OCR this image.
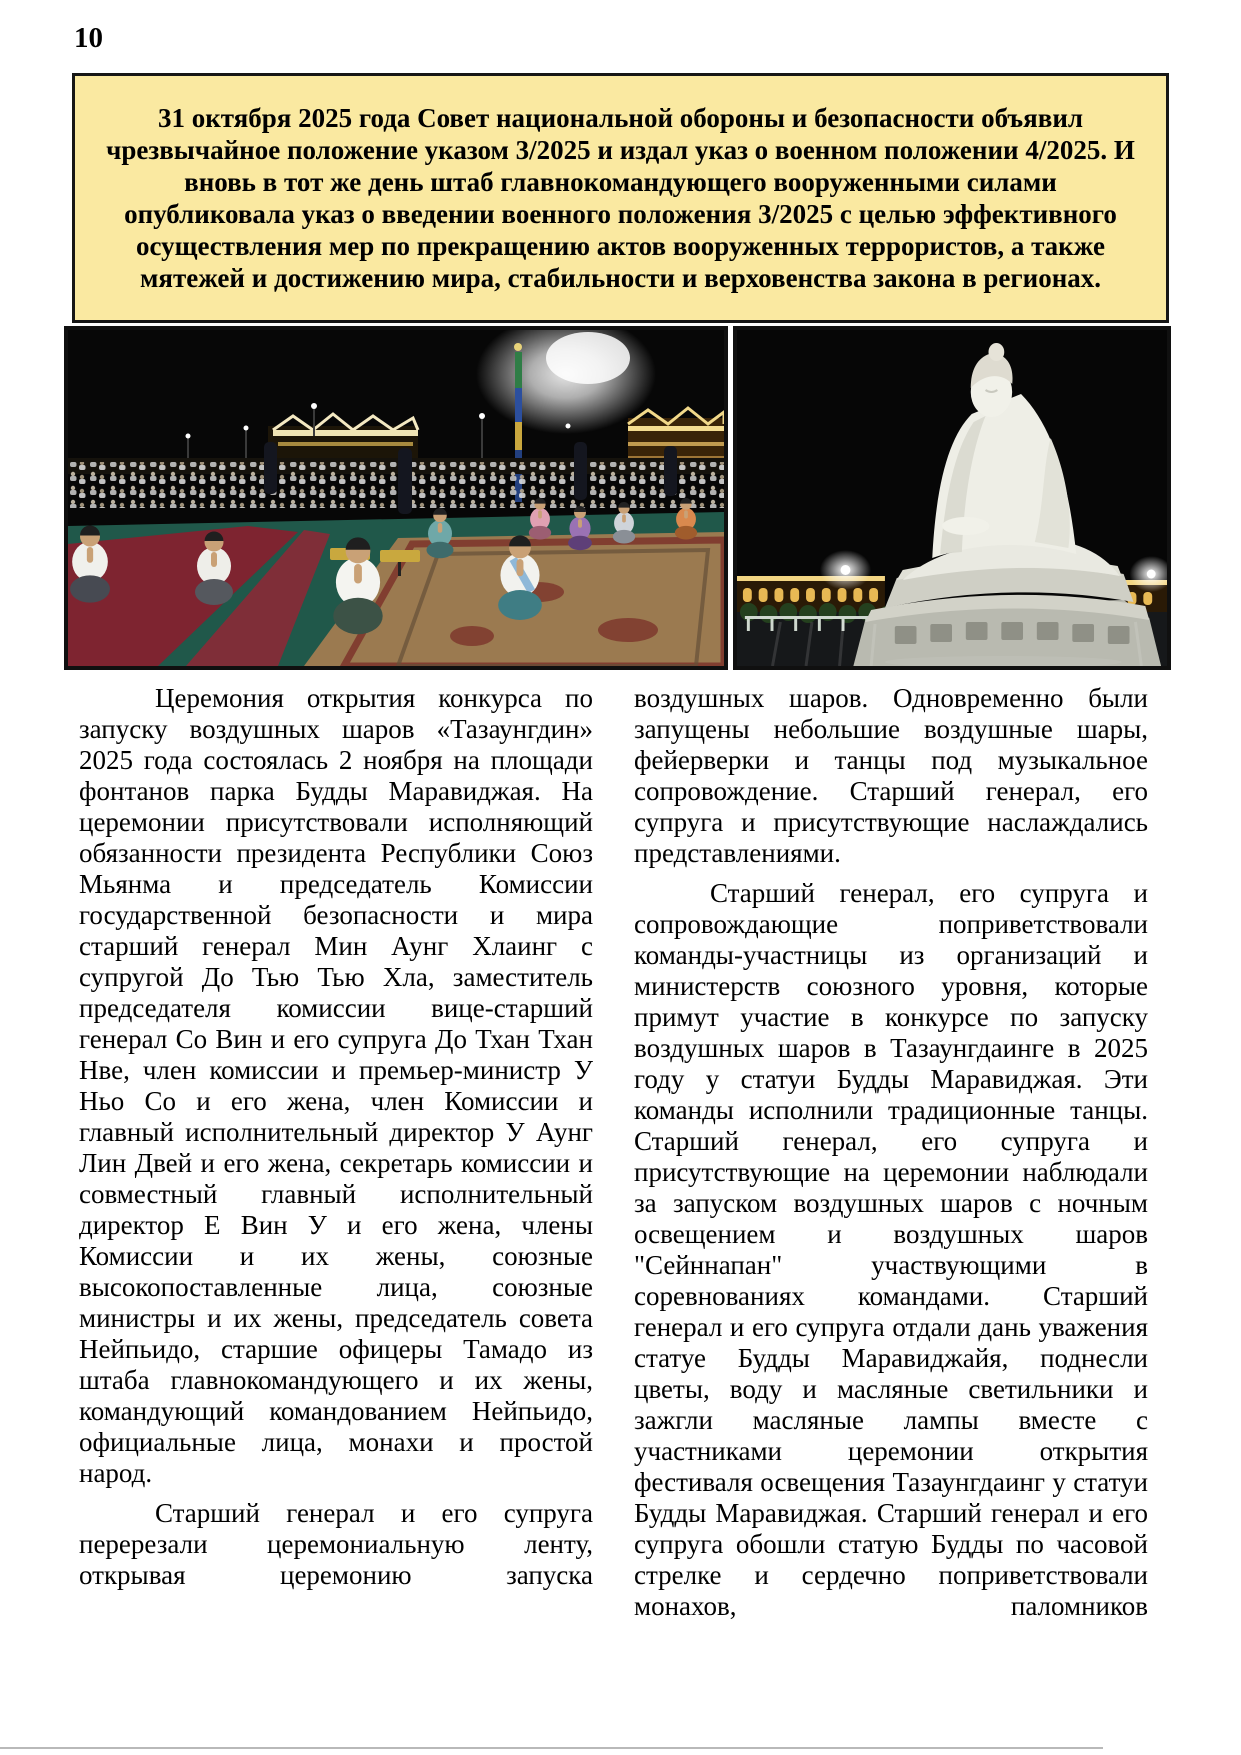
10
31 октября 2025 года Совет национальной обороны и безопасности объявил чрезвычайное положение указом 3/2025 и издал указ о военном положении 4/2025. И вновь в тот же день штаб главнокомандующего вооруженными силами опубликовала указ о введении военного положения 3/2025 с целью эффективного осуществления мер по прекращению актов вооруженных террористов, а также мятежей и достижению мира, стабильности и верховенства закона в регионах.

Церемония открытия конкурса по запуску воздушных шаров «Тазаунгдин» 2025 года состоялась 2 ноября на площади фонтанов парка Будды Маравиджая. На церемонии присутствовали исполняющий обязанности президента Республики Союз Мьянма и председатель Комиссии государственной безопасности и мира старший генерал Мин Аунг Хлаинг с супругой До Тью Тью Хла, заместитель председателя комиссии вице-старший генерал Со Вин и его супруга До Тхан Тхан Нве, член комиссии и премьер-министр У Ньо Со и его жена, член Комиссии и главный исполнительный директор У Аунг Лин Двей и его жена, секретарь комиссии и совместный главный исполнительный директор Е Вин У и его жена, члены Комиссии и их жены, союзные высокопоставленные лица, союзные министры и их жены, председатель совета Нейпьидо, старшие офицеры Тамадо из штаба главнокомандующего и их жены, командующий командованием Нейпьидо, официальные лица, монахи и простой народ.

Старший генерал и его супруга перерезали церемониальную ленту, открывая церемонию запуска

воздушных шаров. Одновременно были запущены небольшие воздушные шары, фейерверки и танцы под музыкальное сопровождение. Старший генерал, его супруга и присутствующие наслаждались представлениями.

Старший генерал, его супруга и сопровождающие поприветствовали команды-участницы из организаций и министерств союзного уровня, которые примут участие в конкурсе по запуску воздушных шаров в Тазаунгдаинге в 2025 году у статуи Будды Маравиджая. Эти команды исполнили традиционные танцы. Старший генерал, его супруга и присутствующие на церемонии наблюдали за запуском воздушных шаров с ночным освещением и воздушных шаров "Сейннапан" участвующими в соревнованиях командами. Старший генерал и его супруга отдали дань уважения статуе Будды Маравиджайя, поднесли цветы, воду и масляные светильники и зажгли масляные лампы вместе с участниками церемонии открытия фестиваля освещения Тазаунгдаинг у статуи Будды Маравиджая. Старший генерал и его супруга обошли статую Будды по часовой стрелке и сердечно поприветствовали монахов, паломников
